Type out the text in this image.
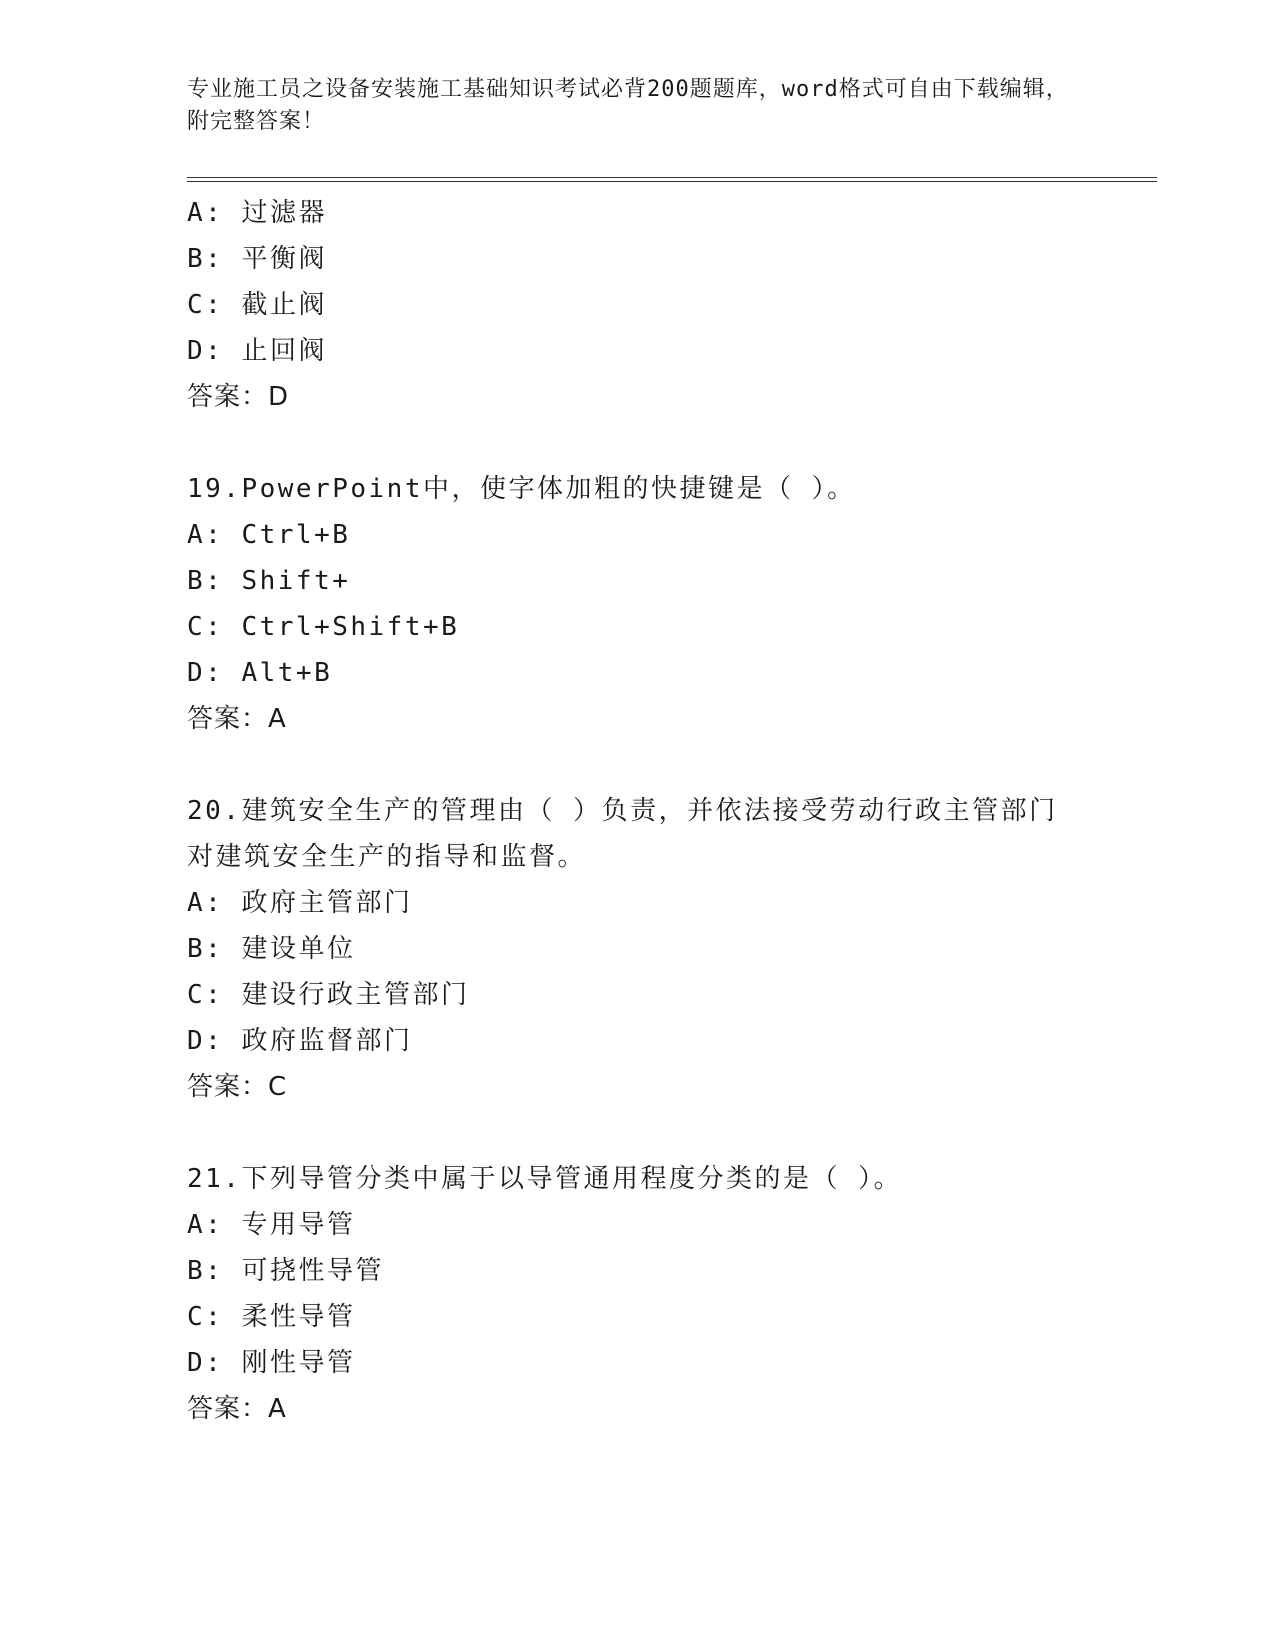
专业施工员之设备安装施工基础知识考试必背200题题库，word格式可自由下载编辑，附完整答案！
A: 过滤器
B: 平衡阀
C: 截止阀
D: 止回阀
答案：D
19.PowerPoint中，使字体加粗的快捷键是（ ）。
A: Ctrl+B
B: Shift+
C: Ctrl+Shift+B
D: Alt+B
答案：A
20.建筑安全生产的管理由（ ）负责，并依法接受劳动行政主管部门对建筑安全生产的指导和监督。
A: 政府主管部门
B: 建设单位
C: 建设行政主管部门
D: 政府监督部门
答案：C
21.下列导管分类中属于以导管通用程度分类的是（ ）。
A: 专用导管
B: 可挠性导管
C: 柔性导管
D: 刚性导管
答案：A
